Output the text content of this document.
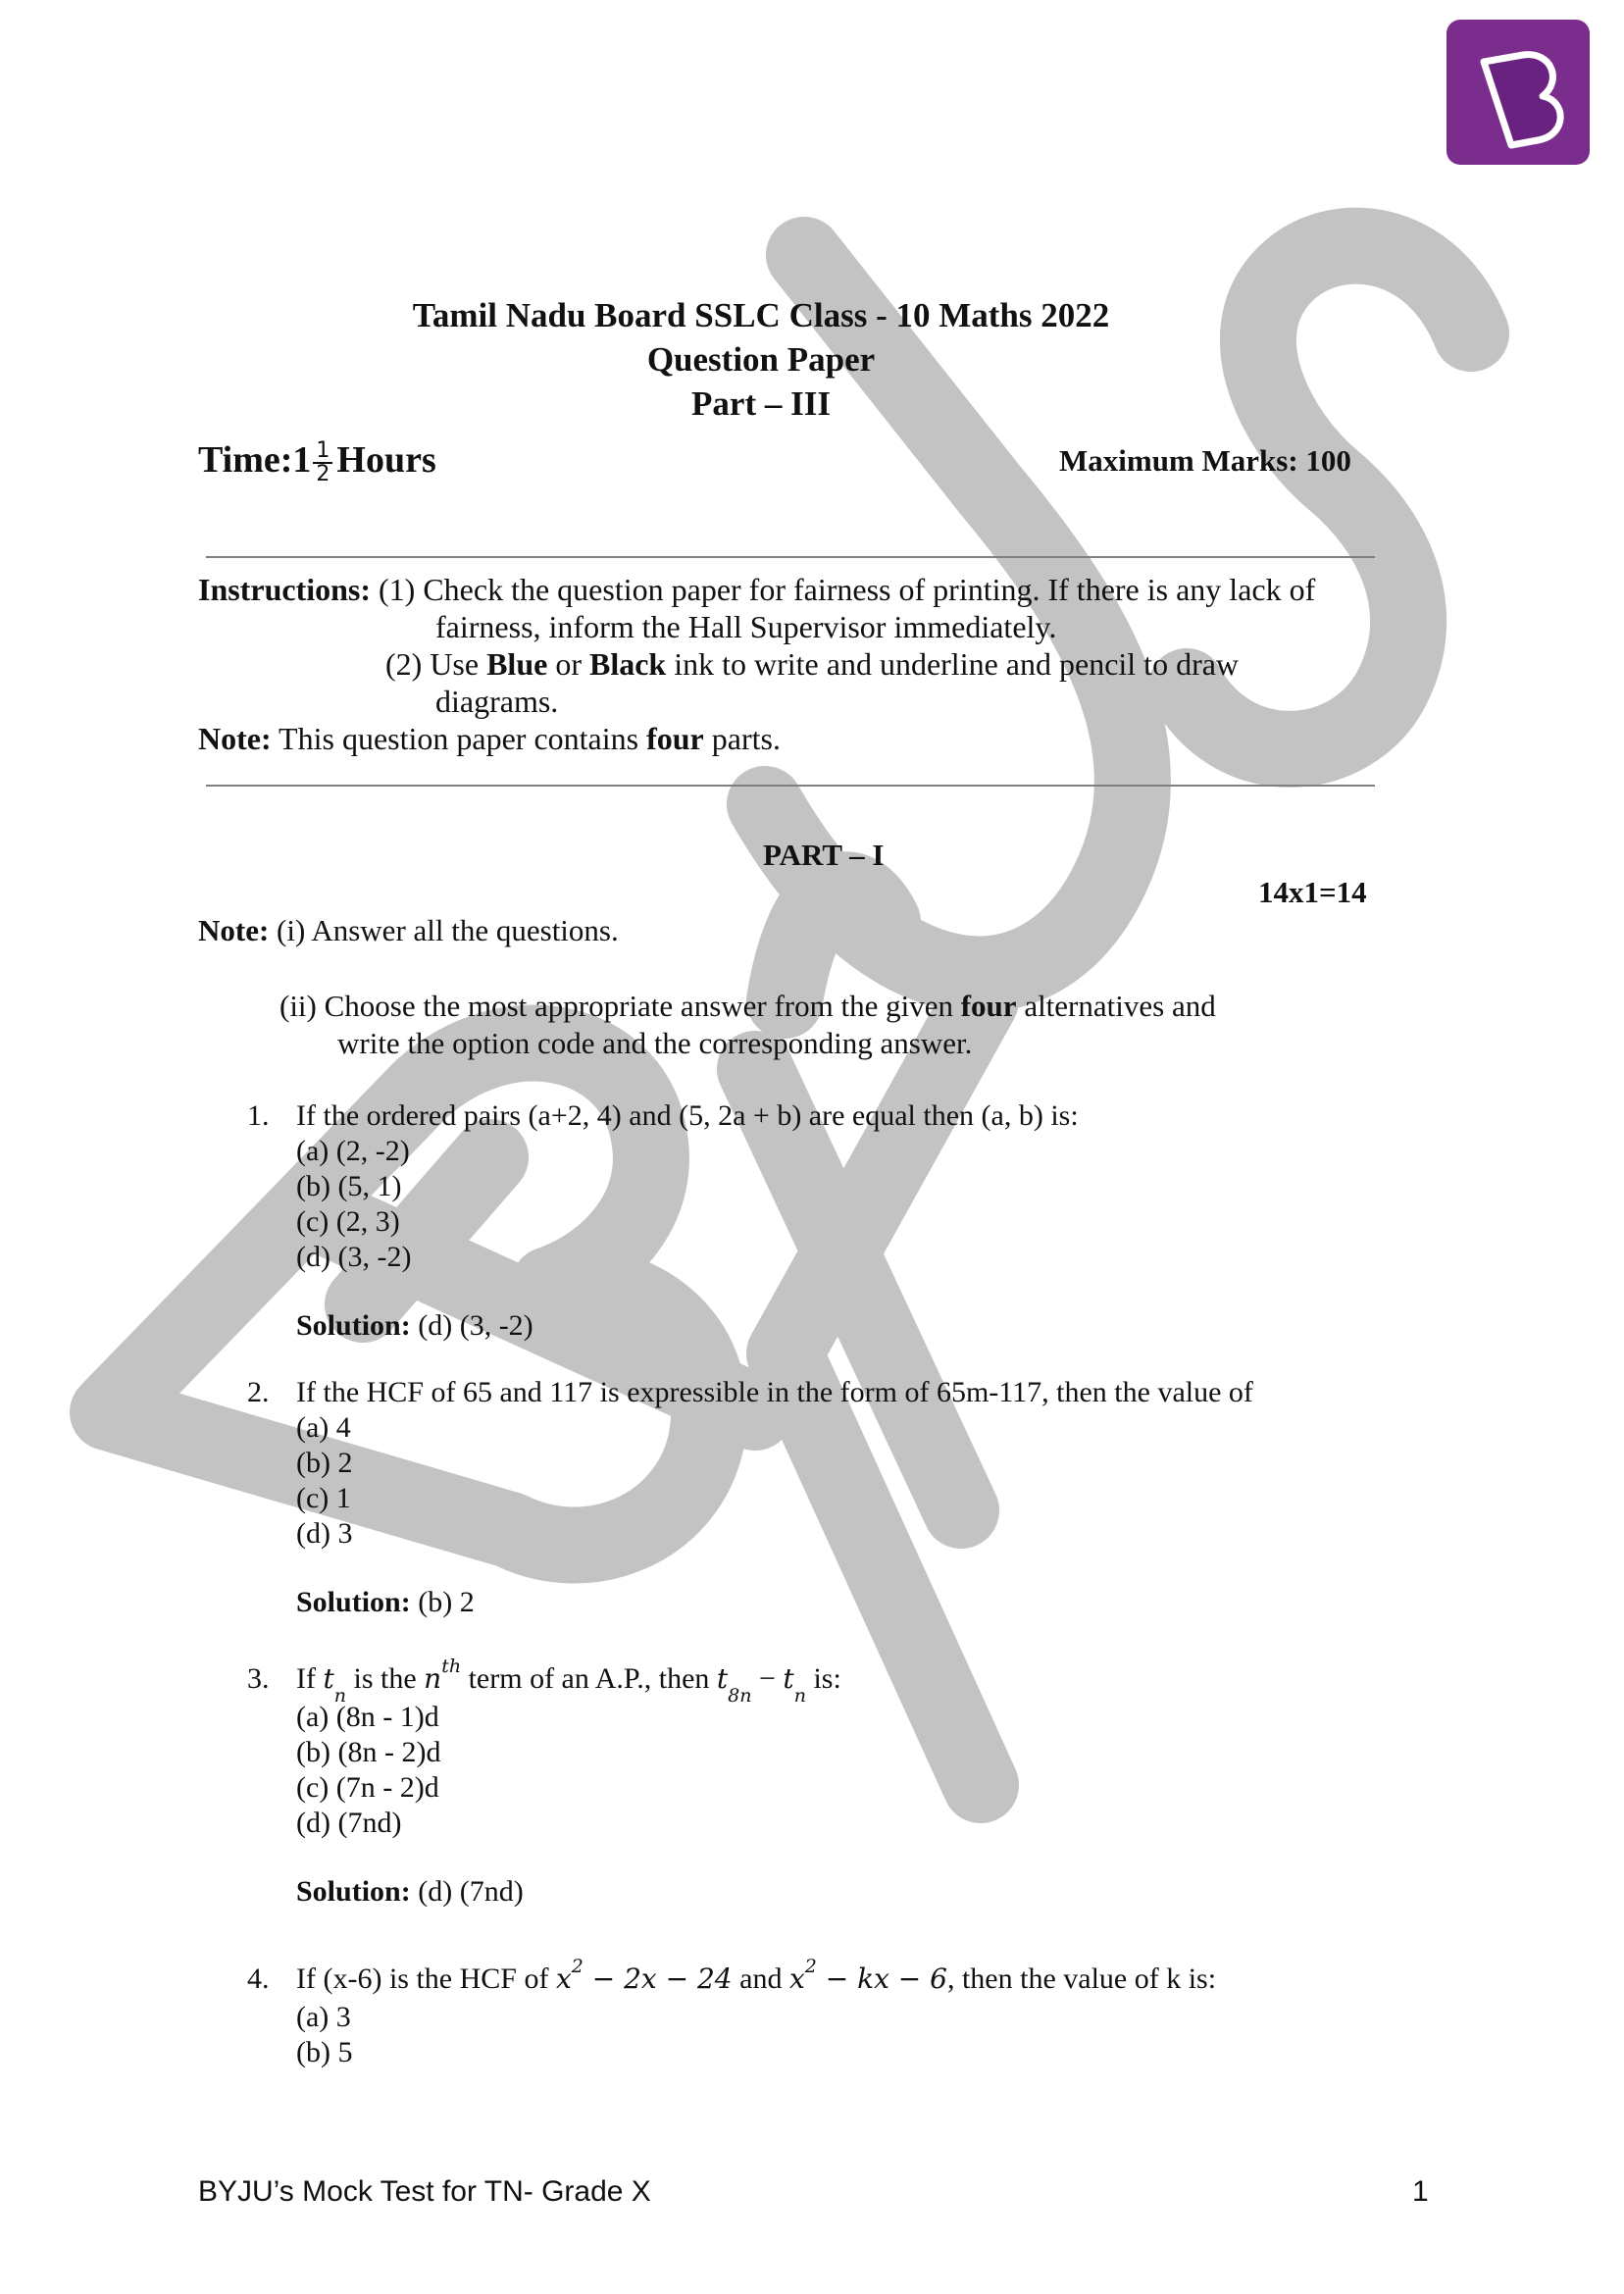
Tamil Nadu Board SSLC Class - 10 Maths 2022
Question Paper
Part – III
Time:1 $\frac{1}{2}$ Hours	Maximum Marks: 100
Instructions: (1) Check the question paper for fairness of printing. If there is any lack of
fairness, inform the Hall Supervisor immediately.
(2) Use Blue or Black ink to write and underline and pencil to draw
diagrams.
Note: This question paper contains four parts.
PART – I
14x1=14
Note: (i) Answer all the questions.
(ii) Choose the most appropriate answer from the given four alternatives and
write the option code and the corresponding answer.
1. If the ordered pairs (a+2, 4) and (5, 2a + b) are equal then (a, b) is:
(a) (2, -2)
(b) (5, 1)
(c) (2, 3)
(d) (3, -2)
Solution: (d) (3, -2)
2. If the HCF of 65 and 117 is expressible in the form of 65m-117, then the value of
(a) 4
(b) 2
(c) 1
(d) 3
Solution: (b) 2
3. If $t_n$ is the $n^{th}$ term of an A.P., then $t_{8n} - t_n$ is:
(a) (8n - 1)d
(b) (8n - 2)d
(c) (7n - 2)d
(d) (7nd)
Solution: (d) (7nd)
4. If (x-6) is the HCF of $x^2 - 2x - 24$ and $x^2$ − kx − 6, then the value of k is:
(a) 3
(b) 5
BYJU’s Mock Test for TN- Grade X	1
